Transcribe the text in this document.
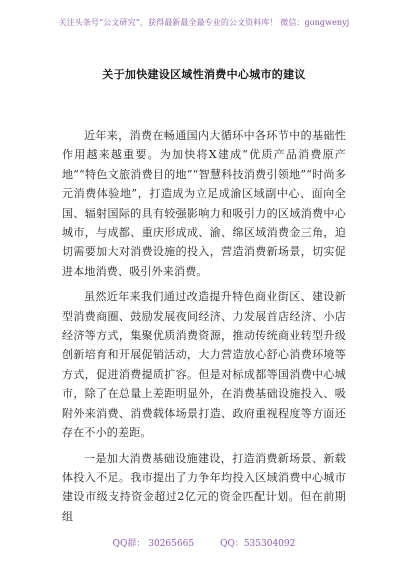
关注头条号“公文研究”，获得最新最全最专业的公文资料库！ 微信：gongwenyj
关于加快建设区域性消费中心城市的建议

近年来，消费在畅通国内大循环中各环节中的基础性作用越来越重要。为加快将X建成“优质产品消费原产地”“特色文旅消费目的地”“智慧科技消费引领地”“时尚多元消费体验地”，打造成为立足成渝区域副中心、面向全国、辐射国际的具有较强影响力和吸引力的区域消费中心城市，与成都、重庆形成成、渝、绵区域消费金三角，迫切需要加大对消费设施的投入，营造消费新场景，切实促进本地消费、吸引外来消费。

虽然近年来我们通过改造提升特色商业街区、建设新型消费商圈、鼓励发展夜间经济、力发展首店经济、小店经济等方式，集聚优质消费资源，推动传统商业转型升级创新培育和开展促销活动，大力营造放心舒心消费环境等方式，促进消费提质扩容。但是对标成都等国消费中心城市，除了在总量上差距明显外，在消费基础设施投入、吸附外来消费、消费载体场景打造、政府重视程度等方面还存在不小的差距。

一是加大消费基础设施建设，打造消费新场景、新载体投入不足。我市提出了力争年均投入区域消费中心城市建设市级支持资金超过2亿元的资金匹配计划。但在前期组

QQ群： 30265665	QQ：535304092
